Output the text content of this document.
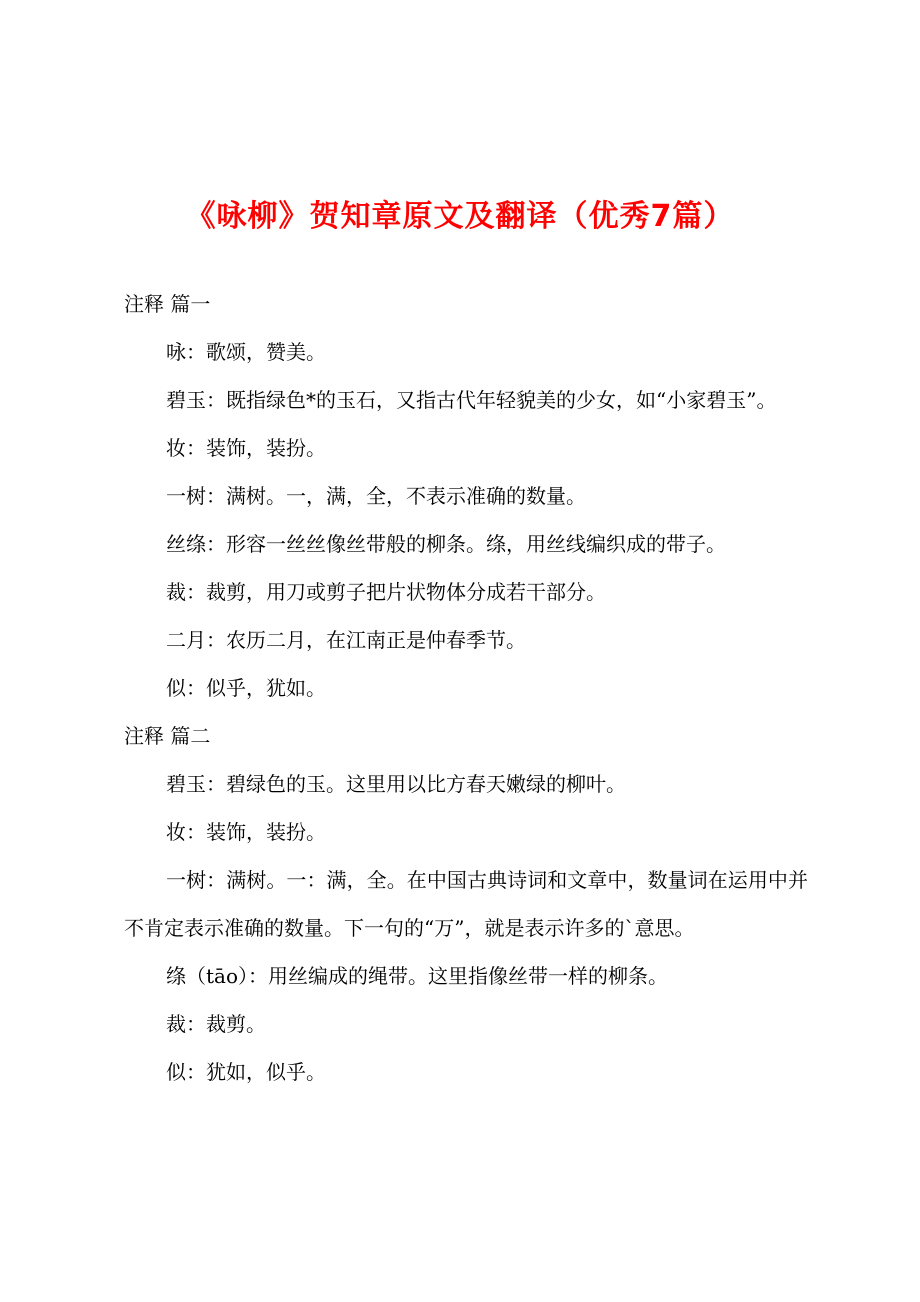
《咏柳》贺知章原文及翻译（优秀7篇）
注释 篇一

咏：歌颂，赞美。

碧玉：既指绿色*的玉石，又指古代年轻貌美的少女，如“小家碧玉”。

妆：装饰，装扮。

一树：满树。一，满，全，不表示准确的数量。

丝绦：形容一丝丝像丝带般的柳条。绦，用丝线编织成的带子。

裁：裁剪，用刀或剪子把片状物体分成若干部分。

二月：农历二月，在江南正是仲春季节。

似：似乎，犹如。

注释 篇二

碧玉：碧绿色的玉。这里用以比方春天嫩绿的柳叶。

妆：装饰，装扮。

一树：满树。一：满，全。在中国古典诗词和文章中，数量词在运用中并不肯定表示准确的数量。下一句的“万”，就是表示许多的`意思。

绦（tāo）：用丝编成的绳带。这里指像丝带一样的柳条。

裁：裁剪。

似：犹如，似乎。
